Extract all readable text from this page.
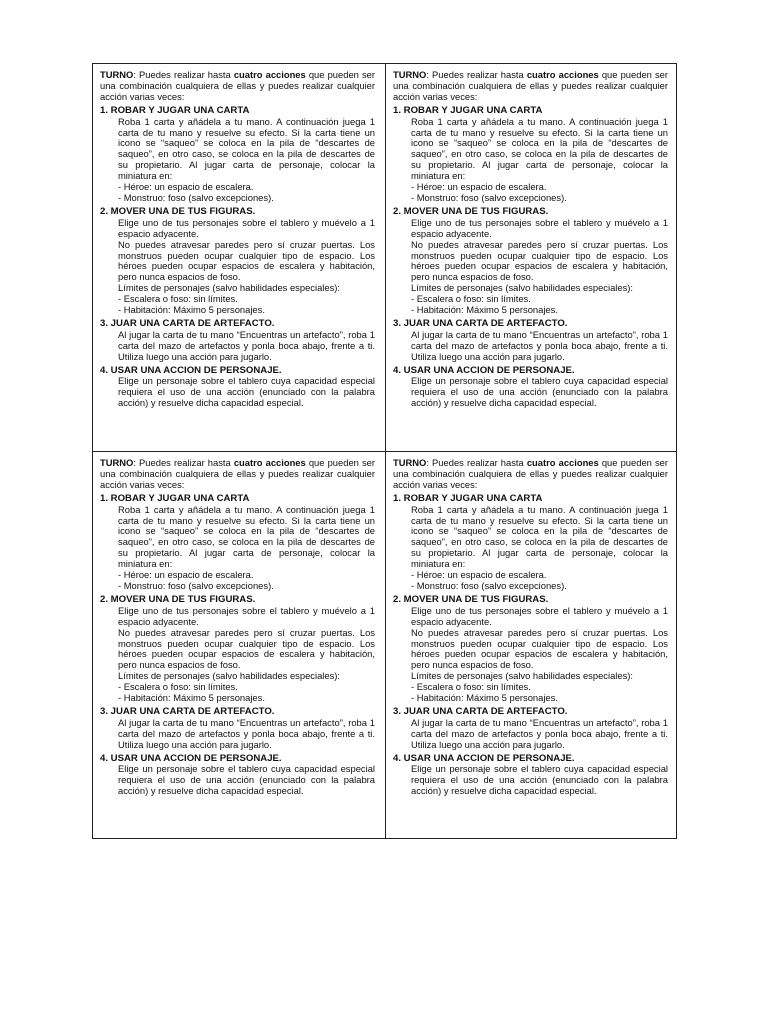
TURNO: Puedes realizar hasta cuatro acciones que pueden ser una combinación cualquiera de ellas y puedes realizar cualquier acción varias veces:

1. ROBAR Y JUGAR UNA CARTA

Roba 1 carta y añádela a tu mano. A continuación juega 1 carta de tu mano y resuelve su efecto. Si la carta tiene un icono se “saqueo” se coloca en la pila de “descartes de saqueo”, en otro caso, se coloca en la pila de descartes de su propietario. Al jugar carta de personaje, colocar la miniatura en:

- Héroe: un espacio de escalera.

- Monstruo: foso (salvo excepciones).

2. MOVER UNA DE TUS FIGURAS.

Elige uno de tus personajes sobre el tablero y muévelo a 1 espacio adyacente.

No puedes atravesar paredes pero sí cruzar puertas. Los monstruos pueden ocupar cualquier tipo de espacio. Los héroes pueden ocupar espacios de escalera y habitación, pero nunca espacios de foso.

Límites de personajes (salvo habilidades especiales):

- Escalera o foso: sin límites.

- Habitación: Máximo 5 personajes.

3. JUAR UNA CARTA DE ARTEFACTO.

Al jugar la carta de tu mano “Encuentras un artefacto”, roba 1 carta del mazo de artefactos y ponla boca abajo, frente a ti. Utiliza luego una acción para jugarlo.

4. USAR UNA ACCION DE PERSONAJE.

Elige un personaje sobre el tablero cuya capacidad especial requiera el uso de una acción (enunciado con la palabra acción) y resuelve dicha capacidad especial.

TURNO: Puedes realizar hasta cuatro acciones que pueden ser una combinación cualquiera de ellas y puedes realizar cualquier acción varias veces:

1. ROBAR Y JUGAR UNA CARTA

Roba 1 carta y añádela a tu mano. A continuación juega 1 carta de tu mano y resuelve su efecto. Si la carta tiene un icono se “saqueo” se coloca en la pila de “descartes de saqueo”, en otro caso, se coloca en la pila de descartes de su propietario. Al jugar carta de personaje, colocar la miniatura en:

- Héroe: un espacio de escalera.

- Monstruo: foso (salvo excepciones).

2. MOVER UNA DE TUS FIGURAS.

Elige uno de tus personajes sobre el tablero y muévelo a 1 espacio adyacente.

No puedes atravesar paredes pero sí cruzar puertas. Los monstruos pueden ocupar cualquier tipo de espacio. Los héroes pueden ocupar espacios de escalera y habitación, pero nunca espacios de foso.

Límites de personajes (salvo habilidades especiales):

- Escalera o foso: sin límites.

- Habitación: Máximo 5 personajes.

3. JUAR UNA CARTA DE ARTEFACTO.

Al jugar la carta de tu mano “Encuentras un artefacto”, roba 1 carta del mazo de artefactos y ponla boca abajo, frente a ti. Utiliza luego una acción para jugarlo.

4. USAR UNA ACCION DE PERSONAJE.

Elige un personaje sobre el tablero cuya capacidad especial requiera el uso de una acción (enunciado con la palabra acción) y resuelve dicha capacidad especial.

TURNO: Puedes realizar hasta cuatro acciones que pueden ser una combinación cualquiera de ellas y puedes realizar cualquier acción varias veces:

1. ROBAR Y JUGAR UNA CARTA

Roba 1 carta y añádela a tu mano. A continuación juega 1 carta de tu mano y resuelve su efecto. Si la carta tiene un icono se “saqueo” se coloca en la pila de “descartes de saqueo”, en otro caso, se coloca en la pila de descartes de su propietario. Al jugar carta de personaje, colocar la miniatura en:

- Héroe: un espacio de escalera.

- Monstruo: foso (salvo excepciones).

2. MOVER UNA DE TUS FIGURAS.

Elige uno de tus personajes sobre el tablero y muévelo a 1 espacio adyacente.

No puedes atravesar paredes pero sí cruzar puertas. Los monstruos pueden ocupar cualquier tipo de espacio. Los héroes pueden ocupar espacios de escalera y habitación, pero nunca espacios de foso.

Límites de personajes (salvo habilidades especiales):

- Escalera o foso: sin límites.

- Habitación: Máximo 5 personajes.

3. JUAR UNA CARTA DE ARTEFACTO.

Al jugar la carta de tu mano “Encuentras un artefacto”, roba 1 carta del mazo de artefactos y ponla boca abajo, frente a ti. Utiliza luego una acción para jugarlo.

4. USAR UNA ACCION DE PERSONAJE.

Elige un personaje sobre el tablero cuya capacidad especial requiera el uso de una acción (enunciado con la palabra acción) y resuelve dicha capacidad especial.

TURNO: Puedes realizar hasta cuatro acciones que pueden ser una combinación cualquiera de ellas y puedes realizar cualquier acción varias veces:

1. ROBAR Y JUGAR UNA CARTA

Roba 1 carta y añádela a tu mano. A continuación juega 1 carta de tu mano y resuelve su efecto. Si la carta tiene un icono se “saqueo” se coloca en la pila de “descartes de saqueo”, en otro caso, se coloca en la pila de descartes de su propietario. Al jugar carta de personaje, colocar la miniatura en:

- Héroe: un espacio de escalera.

- Monstruo: foso (salvo excepciones).

2. MOVER UNA DE TUS FIGURAS.

Elige uno de tus personajes sobre el tablero y muévelo a 1 espacio adyacente.

No puedes atravesar paredes pero sí cruzar puertas. Los monstruos pueden ocupar cualquier tipo de espacio. Los héroes pueden ocupar espacios de escalera y habitación, pero nunca espacios de foso.

Límites de personajes (salvo habilidades especiales):

- Escalera o foso: sin límites.

- Habitación: Máximo 5 personajes.

3. JUAR UNA CARTA DE ARTEFACTO.

Al jugar la carta de tu mano “Encuentras un artefacto”, roba 1 carta del mazo de artefactos y ponla boca abajo, frente a ti. Utiliza luego una acción para jugarlo.

4. USAR UNA ACCION DE PERSONAJE.

Elige un personaje sobre el tablero cuya capacidad especial requiera el uso de una acción (enunciado con la palabra acción) y resuelve dicha capacidad especial.
